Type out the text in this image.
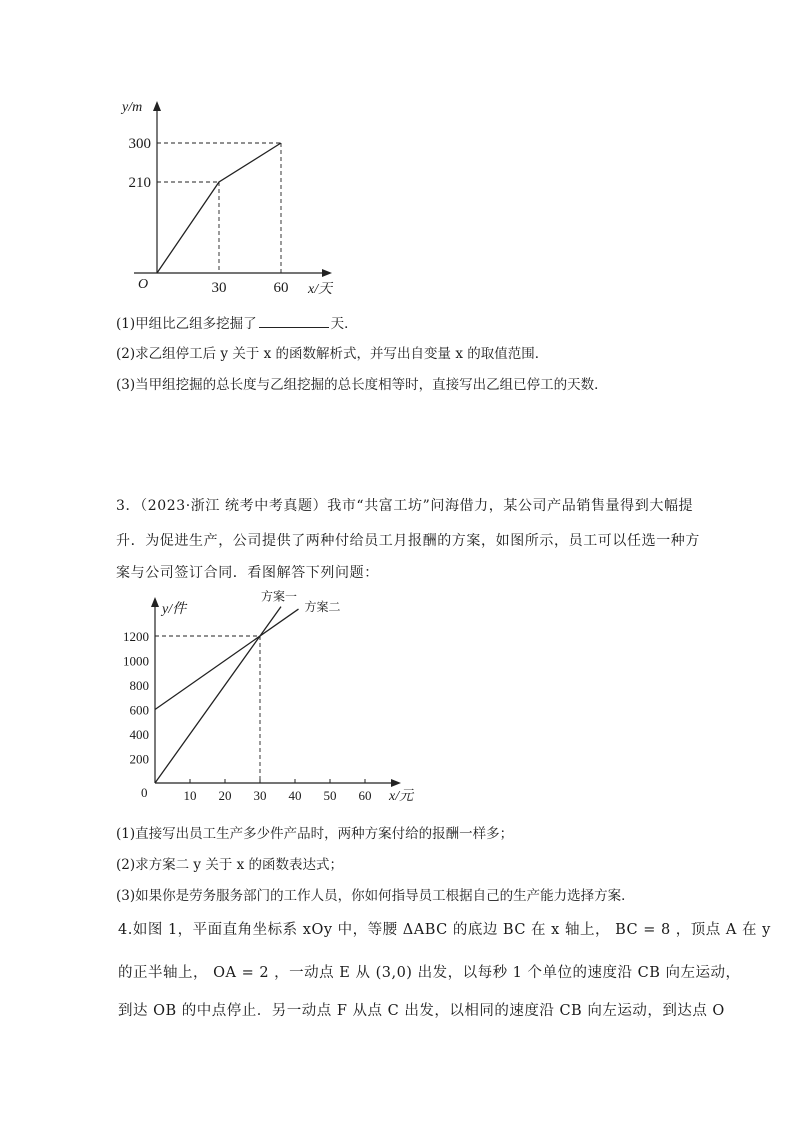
y/m
x/天
O	30	60
210
300
(1)甲组比乙组多挖掘了	天．
(2)求乙组停工后 y 关于 x 的函数解析式，并写出自变量 x 的取值范围．
(3)当甲组挖掘的总长度与乙组挖掘的总长度相等时，直接写出乙组已停工的天数．
3．（2023·浙江 统考中考真题）我市“共富工坊”问海借力，某公司产品销售量得到大幅提
升．为促进生产，公司提供了两种付给员工月报酬的方案，如图所示，员工可以任选一种方
案与公司签订合同．看图解答下列问题：
方案一
方案二
10 20 30 40 50 60
200
400
600
800
1000
1200
y/件
x/元
0
(1)直接写出员工生产多少件产品时，两种方案付给的报酬一样多；
(2)求方案二 y 关于 x 的函数表达式；
(3)如果你是劳务服务部门的工作人员，你如何指导员工根据自己的生产能力选择方案．
4.如图 1，平面直角坐标系 xOy 中，等腰 ΔABC 的底边 BC 在 x 轴上， BC = 8 ，顶点 A 在 y
的正半轴上， OA = 2 ，一动点 E 从 (3,0) 出发，以每秒 1 个单位的速度沿 CB 向左运动，
到达 OB 的中点停止．另一动点 F 从点 C 出发，以相同的速度沿 CB 向左运动，到达点 O
